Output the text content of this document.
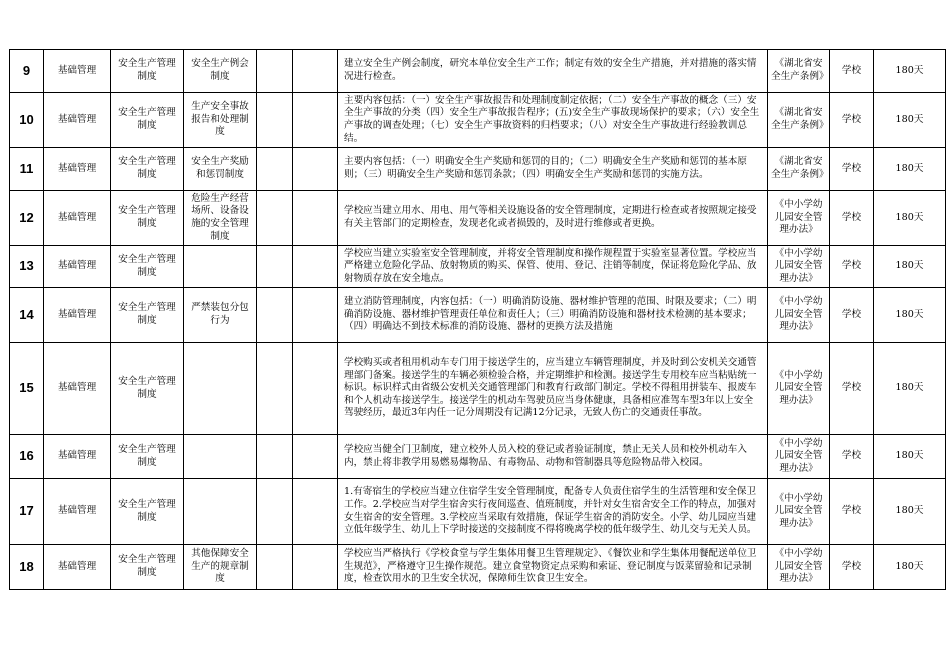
9	基础管理	安全生产管理制度	安全生产例会制度			建立安全生产例会制度，研究本单位安全生产工作；制定有效的安全生产措施，并对措施的落实情况进行检查。	《湖北省安全生产条例》	学校	180天
10	基础管理	安全生产管理制度	生产安全事故报告和处理制度			主要内容包括：（一）安全生产事故报告和处理制度制定依据；（二）安全生产事故的概念（三）安全生产事故的分类（四）安全生产事故报告程序；(五)安全生产事故现场保护的要求；（六）安全生产事故的调查处理；（七）安全生产事故资料的归档要求；（八）对安全生产事故进行经验教训总结。	《湖北省安全生产条例》	学校	180天
11	基础管理	安全生产管理制度	安全生产奖励和惩罚制度			主要内容包括：（一）明确安全生产奖励和惩罚的目的；（二）明确安全生产奖励和惩罚的基本原则；（三）明确安全生产奖励和惩罚条款；（四）明确安全生产奖励和惩罚的实施方法。	《湖北省安全生产条例》	学校	180天
12	基础管理	安全生产管理制度	危险生产经营场所、设备设施的安全管理制度			学校应当建立用水、用电、用气等相关设施设备的安全管理制度，定期进行检查或者按照规定接受有关主管部门的定期检查，发现老化或者损毁的，及时进行维修或者更换。	《中小学幼儿园安全管理办法》	学校	180天
13	基础管理	安全生产管理制度				学校应当建立实验室安全管理制度，并将安全管理制度和操作规程置于实验室显著位置。学校应当严格建立危险化学品、放射物质的购买、保管、使用、登记、注销等制度，保证将危险化学品、放射物质存放在安全地点。	《中小学幼儿园安全管理办法》	学校	180天
14	基础管理	安全生产管理制度	严禁装包分包行为			建立消防管理制度，内容包括：（一）明确消防设施、器材维护管理的范围、时限及要求；（二）明确消防设施、器材维护管理责任单位和责任人；（三）明确消防设施和器材技术检测的基本要求；（四）明确达不到技术标准的消防设施、器材的更换方法及措施	《中小学幼儿园安全管理办法》	学校	180天
15	基础管理	安全生产管理制度				学校购买或者租用机动车专门用于接送学生的，应当建立车辆管理制度，并及时到公安机关交通管理部门备案。接送学生的车辆必须检验合格，并定期维护和检测。接送学生专用校车应当粘贴统一标识。标识样式由省级公安机关交通管理部门和教育行政部门制定。学校不得租用拼装车、报废车和个人机动车接送学生。接送学生的机动车驾驶员应当身体健康，具备相应准驾车型3年以上安全驾驶经历，最近3年内任一记分周期没有记满12分记录，无致人伤亡的交通责任事故。	《中小学幼儿园安全管理办法》	学校	180天
16	基础管理	安全生产管理制度				学校应当健全门卫制度，建立校外人员入校的登记或者验证制度，禁止无关人员和校外机动车入内，禁止将非教学用易燃易爆物品、有毒物品、动物和管制器具等危险物品带入校园。	《中小学幼儿园安全管理办法》	学校	180天
17	基础管理	安全生产管理制度				1.有寄宿生的学校应当建立住宿学生安全管理制度，配备专人负责住宿学生的生活管理和安全保卫工作。2.学校应当对学生宿舍实行夜间巡查、值班制度，并针对女生宿舍安全工作的特点，加强对女生宿舍的安全管理。3.学校应当采取有效措施，保证学生宿舍的消防安全。小学、幼儿园应当建立低年级学生、幼儿上下学时接送的交接制度不得将晚离学校的低年级学生、幼儿交与无关人员。	《中小学幼儿园安全管理办法》	学校	180天
18	基础管理	安全生产管理制度	其他保障安全生产的规章制度			学校应当严格执行《学校食堂与学生集体用餐卫生管理规定》、《餐饮业和学生集体用餐配送单位卫生规范》，严格遵守卫生操作规范。建立食堂物资定点采购和索证、登记制度与饭菜留验和记录制度，检查饮用水的卫生安全状况，保障师生饮食卫生安全。	《中小学幼儿园安全管理办法》	学校	180天
